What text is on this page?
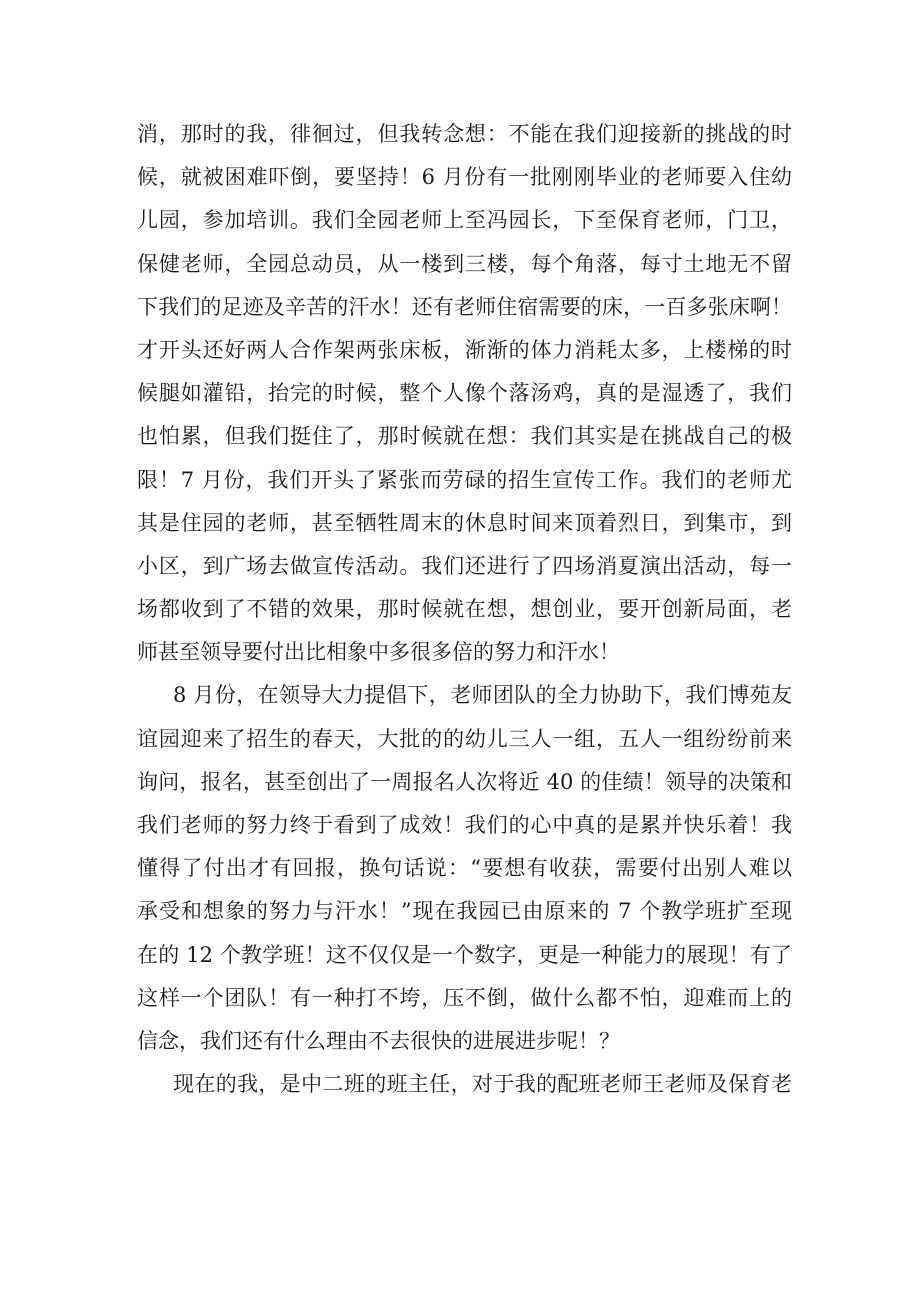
消，那时的我，徘徊过，但我转念想：不能在我们迎接新的挑战的时
候，就被困难吓倒，要坚持！6 月份有一批刚刚毕业的老师要入住幼
儿园，参加培训。我们全园老师上至冯园长，下至保育老师，门卫，
保健老师，全园总动员，从一楼到三楼，每个角落，每寸土地无不留
下我们的足迹及辛苦的汗水！还有老师住宿需要的床，一百多张床啊！
才开头还好两人合作架两张床板，渐渐的体力消耗太多，上楼梯的时
候腿如灌铅，抬完的时候，整个人像个落汤鸡，真的是湿透了，我们
也怕累，但我们挺住了，那时候就在想：我们其实是在挑战自己的极
限！7 月份，我们开头了紧张而劳碌的招生宣传工作。我们的老师尤
其是住园的老师，甚至牺牲周末的休息时间来顶着烈日，到集市，到
小区，到广场去做宣传活动。我们还进行了四场消夏演出活动，每一
场都收到了不错的效果，那时候就在想，想创业，要开创新局面，老
师甚至领导要付出比相象中多很多倍的努力和汗水！
8 月份，在领导大力提倡下，老师团队的全力协助下，我们博苑友
谊园迎来了招生的春天，大批的的幼儿三人一组，五人一组纷纷前来
询问，报名，甚至创出了一周报名人次将近 40 的佳绩！领导的决策和
我们老师的努力终于看到了成效！我们的心中真的是累并快乐着！我
懂得了付出才有回报，换句话说：“要想有收获，需要付出别人难以
承受和想象的努力与汗水！”现在我园已由原来的 7 个教学班扩至现
在的 12 个教学班！这不仅仅是一个数字，更是一种能力的展现！有了
这样一个团队！有一种打不垮，压不倒，做什么都不怕，迎难而上的
信念，我们还有什么理由不去很快的进展进步呢！？
现在的我，是中二班的班主任，对于我的配班老师王老师及保育老
